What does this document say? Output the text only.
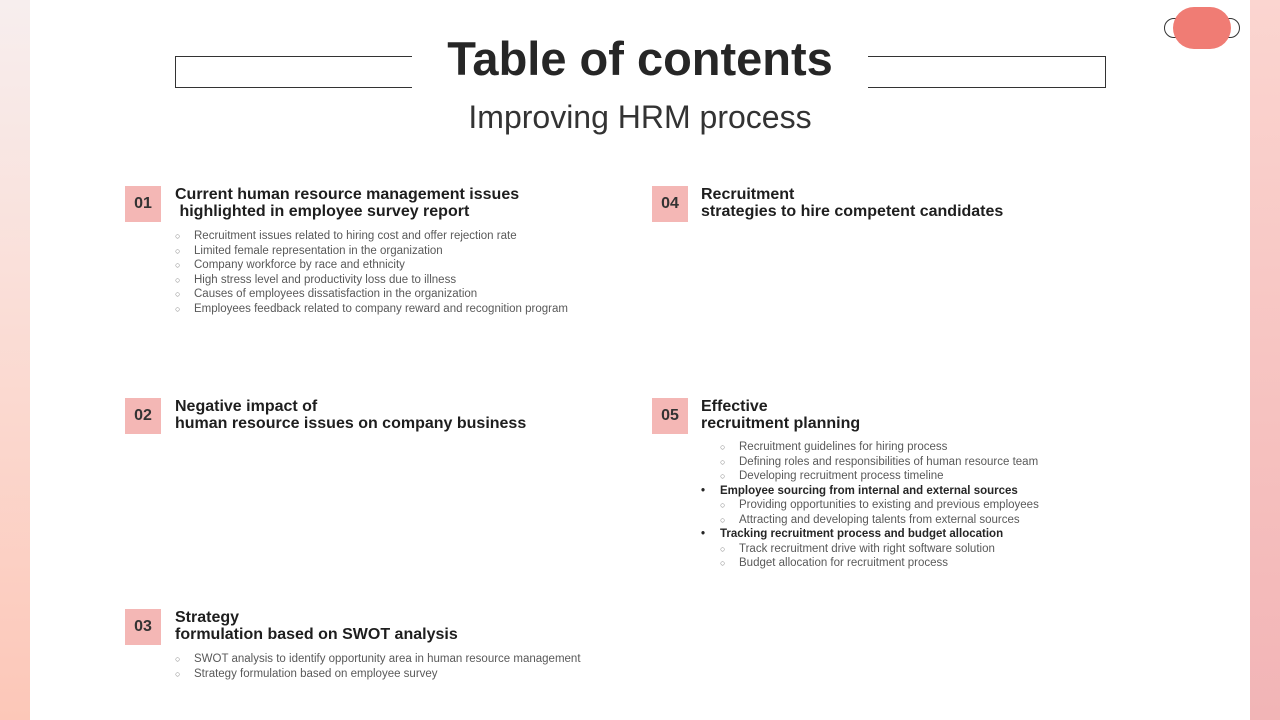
Table of contents
Improving HRM process
01
Current human resource management issues
highlighted in employee survey report
○ Recruitment issues related to hiring cost and offer rejection rate
○ Limited female representation in the organization
○ Company workforce by race and ethnicity
○ High stress level and productivity loss due to illness
○ Causes of employees dissatisfaction in the organization
○ Employees feedback related to company reward and recognition program
02
Negative impact of
human resource issues on company business
03
Strategy
formulation based on SWOT analysis
○ SWOT analysis to identify opportunity area in human resource management
○ Strategy formulation based on employee survey
04
Recruitment
strategies to hire competent candidates
05
Effective
recruitment planning
○ Recruitment guidelines for hiring process
○ Defining roles and responsibilities of human resource team
○ Developing recruitment process timeline
• Employee sourcing from internal and external sources
○ Providing opportunities to existing and previous employees
○ Attracting and developing talents from external sources
• Tracking recruitment process and budget allocation
○ Track recruitment drive with right software solution
○ Budget allocation for recruitment process
